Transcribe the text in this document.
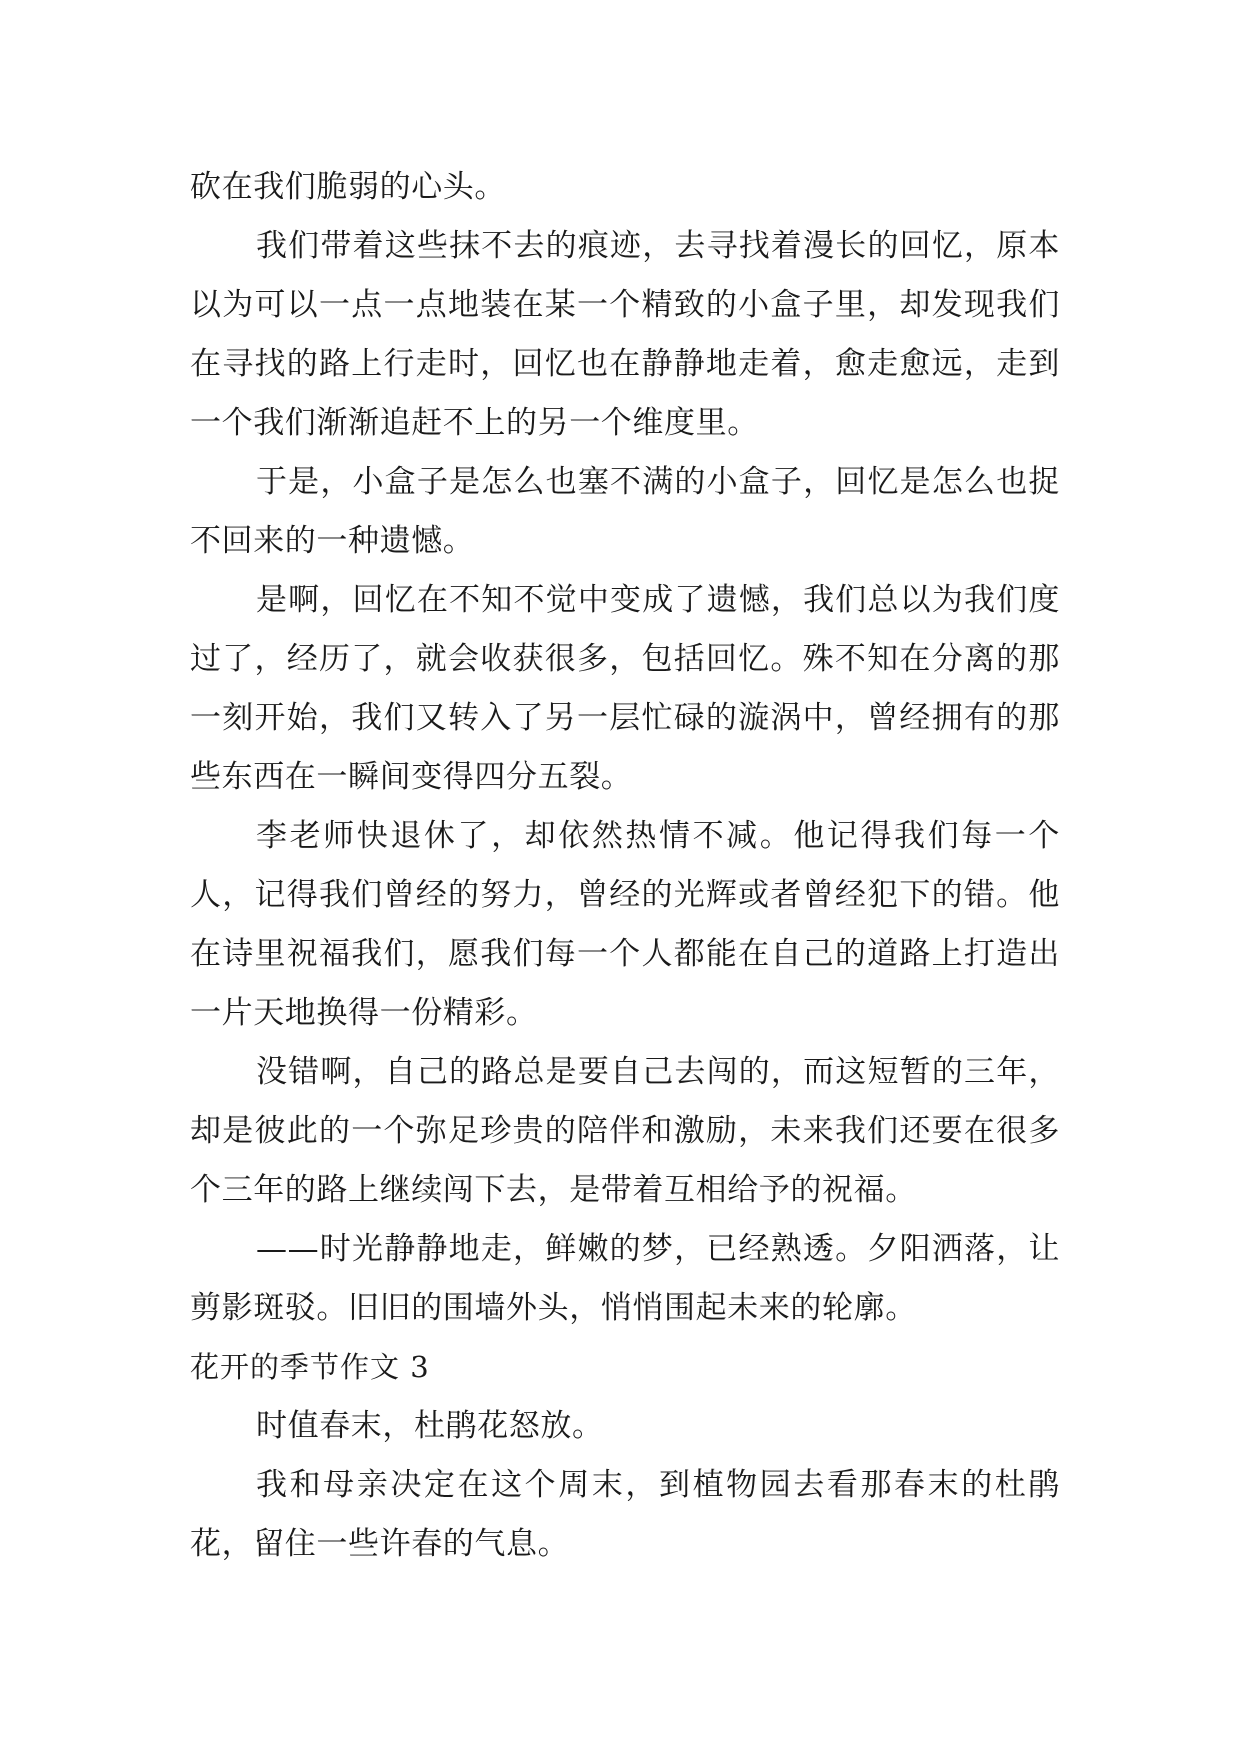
砍在我们脆弱的心头。

我们带着这些抹不去的痕迹，去寻找着漫长的回忆，原本以为可以一点一点地装在某一个精致的小盒子里，却发现我们在寻找的路上行走时，回忆也在静静地走着，愈走愈远，走到一个我们渐渐追赶不上的另一个维度里。

于是，小盒子是怎么也塞不满的小盒子，回忆是怎么也捉不回来的一种遗憾。

是啊，回忆在不知不觉中变成了遗憾，我们总以为我们度过了，经历了，就会收获很多，包括回忆。殊不知在分离的那一刻开始，我们又转入了另一层忙碌的漩涡中，曾经拥有的那些东西在一瞬间变得四分五裂。

李老师快退休了，却依然热情不减。他记得我们每一个人，记得我们曾经的努力，曾经的光辉或者曾经犯下的错。他在诗里祝福我们，愿我们每一个人都能在自己的道路上打造出一片天地换得一份精彩。

没错啊，自己的路总是要自己去闯的，而这短暂的三年，却是彼此的一个弥足珍贵的陪伴和激励，未来我们还要在很多个三年的路上继续闯下去，是带着互相给予的祝福。

——时光静静地走，鲜嫩的梦，已经熟透。夕阳洒落，让剪影斑驳。旧旧的围墙外头，悄悄围起未来的轮廓。

花开的季节作文 3

时值春末，杜鹃花怒放。

我和母亲决定在这个周末，到植物园去看那春末的杜鹃花，留住一些许春的气息。
